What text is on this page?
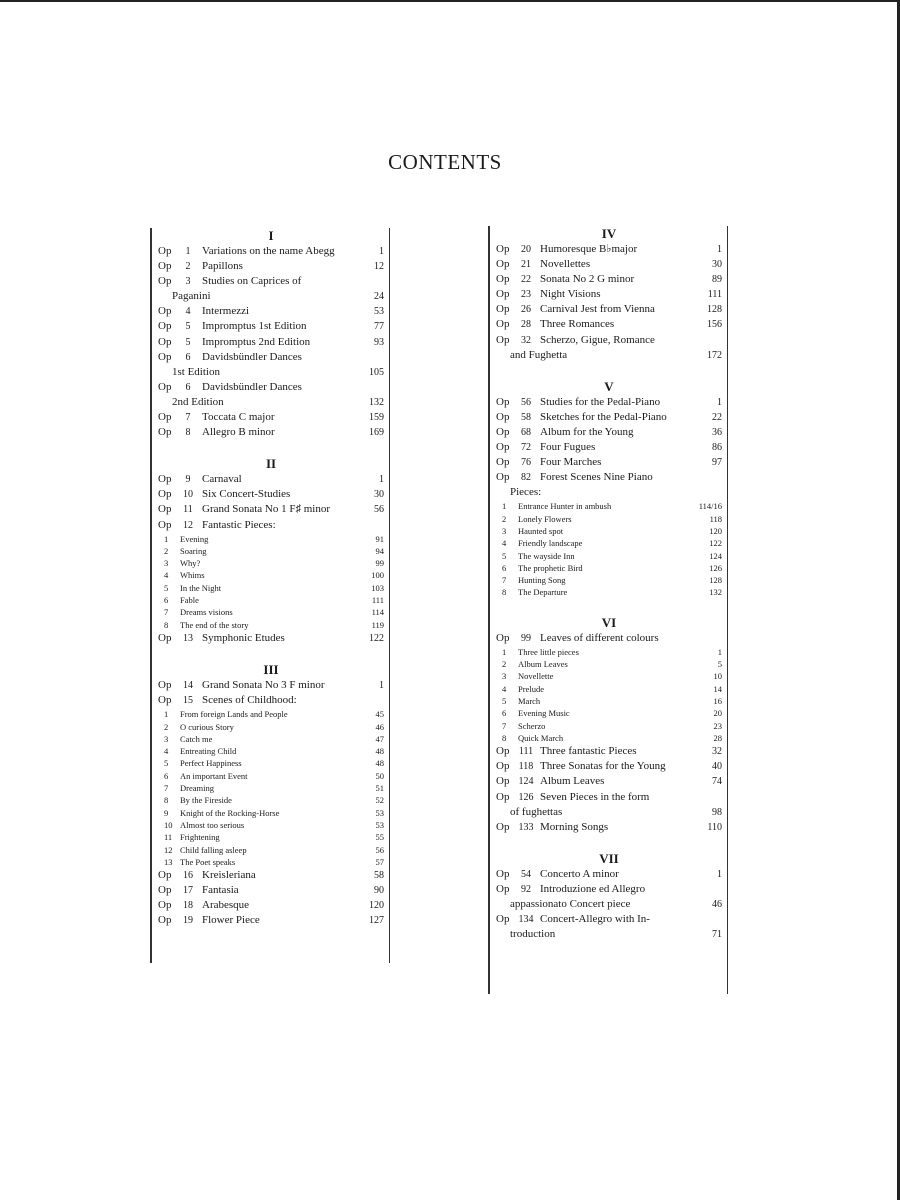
CONTENTS
I
Op	1	Variations on the name Abegg	1
Op	2	Papillons	12
Op	3	Studies on Caprices of
Paganini	24
Op	4	Intermezzi	53
Op	5	Impromptus 1st Edition	77
Op	5	Impromptus 2nd Edition	93
Op	6	Davidsbündler Dances
1st Edition	105
Op	6	Davidsbündler Dances
2nd Edition	132
Op	7	Toccata C major	159
Op	8	Allegro B minor	169
II
Op	9	Carnaval	1
Op	10 Six Concert-Studies	30
Op	11 Grand Sonata No 1 F♯ minor	56
Op	12 Fantastic Pieces:
1	Evening	91
2	Soaring	94
3	Why?	99
4	Whims	100
5	In the Night	103
6	Fable	111
7	Dreams visions	114
8	The end of the story	119
Op	13 Symphonic Etudes	122
III
Op	14 Grand Sonata No 3 F minor	1
Op	15 Scenes of Childhood:
1	From foreign Lands and People	45
2	O curious Story	46
3	Catch me	47
4	Entreating Child	48
5	Perfect Happiness	48
6	An important Event	50
7	Dreaming	51
8	By the Fireside	52
9	Knight of the Rocking-Horse	53
10 Almost too serious	53
11 Frightening	55
12 Child falling asleep	56
13 The Poet speaks	57
Op	16 Kreisleriana	58
Op	17 Fantasia	90
Op	18 Arabesque	120
Op	19 Flower Piece	127
IV
Op	20 Humoresque B♭major	1
Op	21 Novellettes	30
Op	22 Sonata No 2 G minor	89
Op	23 Night Visions	111
Op	26 Carnival Jest from Vienna	128
Op	28 Three Romances	156
Op	32 Scherzo, Gigue, Romance
and Fughetta	172
V
Op	56 Studies for the Pedal-Piano	1
Op	58 Sketches for the Pedal-Piano	22
Op	68 Album for the Young	36
Op	72 Four Fugues	86
Op	76 Four Marches	97
Op	82 Forest Scenes Nine Piano
Pieces:
1	Entrance Hunter in ambush	114/16
2	Lonely Flowers	118
3	Haunted spot	120
4	Friendly landscape	122
5	The wayside Inn	124
6	The prophetic Bird	126
7	Hunting Song	128
8	The Departure	132
VI
Op	99 Leaves of different colours
1	Three little pieces	1
2	Album Leaves	5
3	Novellette	10
4	Prelude	14
5	March	16
6	Evening Music	20
7	Scherzo	23
8	Quick March	28
Op 111 Three fantastic Pieces	32
Op 118 Three Sonatas for the Young	40
Op 124 Album Leaves	74
Op 126 Seven Pieces in the form
of fughettas	98
Op 133 Morning Songs	110
VII
Op	54 Concerto A minor	1
Op	92 Introduzione ed Allegro
appassionato Concert piece	46
Op 134 Concert-Allegro with In-
troduction	71
